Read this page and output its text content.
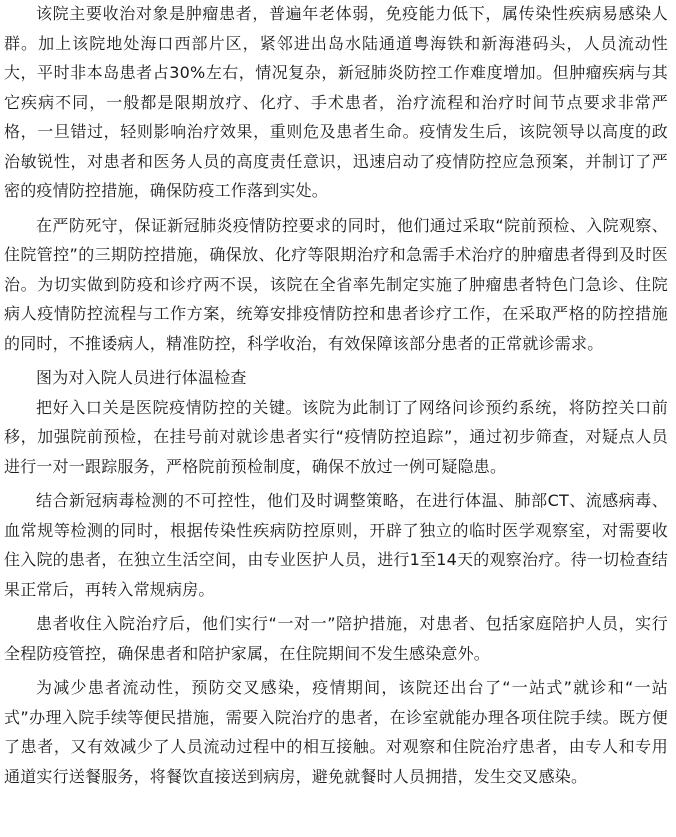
该院主要收治对象是肿瘤患者，普遍年老体弱，免疫能力低下，属传染性疾病易感染人群。加上该院地处海口西部片区，紧邻进出岛水陆通道粤海铁和新海港码头，人员流动性大，平时非本岛患者占30%左右，情况复杂，新冠肺炎防控工作难度增加。但肿瘤疾病与其它疾病不同，一般都是限期放疗、化疗、手术患者，治疗流程和治疗时间节点要求非常严格，一旦错过，轻则影响治疗效果，重则危及患者生命。疫情发生后，该院领导以高度的政治敏锐性，对患者和医务人员的高度责任意识，迅速启动了疫情防控应急预案，并制订了严密的疫情防控措施，确保防疫工作落到实处。

在严防死守，保证新冠肺炎疫情防控要求的同时，他们通过采取“院前预检、入院观察、住院管控”的三期防控措施，确保放、化疗等限期治疗和急需手术治疗的肿瘤患者得到及时医治。为切实做到防疫和诊疗两不误，该院在全省率先制定实施了肿瘤患者特色门急诊、住院病人疫情防控流程与工作方案，统筹安排疫情防控和患者诊疗工作，在采取严格的防控措施的同时，不推诿病人，精准防控，科学收治，有效保障该部分患者的正常就诊需求。

图为对入院人员进行体温检查

把好入口关是医院疫情防控的关键。该院为此制订了网络问诊预约系统，将防控关口前移，加强院前预检，在挂号前对就诊患者实行“疫情防控追踪”，通过初步筛查，对疑点人员进行一对一跟踪服务，严格院前预检制度，确保不放过一例可疑隐患。

结合新冠病毒检测的不可控性，他们及时调整策略，在进行体温、肺部CT、流感病毒、血常规等检测的同时，根据传染性疾病防控原则，开辟了独立的临时医学观察室，对需要收住入院的患者，在独立生活空间，由专业医护人员，进行1至14天的观察治疗。待一切检查结果正常后，再转入常规病房。

患者收住入院治疗后，他们实行“一对一”陪护措施，对患者、包括家庭陪护人员，实行全程防疫管控，确保患者和陪护家属，在住院期间不发生感染意外。

为减少患者流动性，预防交叉感染，疫情期间，该院还出台了“一站式”就诊和“一站式”办理入院手续等便民措施，需要入院治疗的患者，在诊室就能办理各项住院手续。既方便了患者，又有效减少了人员流动过程中的相互接触。对观察和住院治疗患者，由专人和专用通道实行送餐服务，将餐饮直接送到病房，避免就餐时人员拥措，发生交叉感染。
